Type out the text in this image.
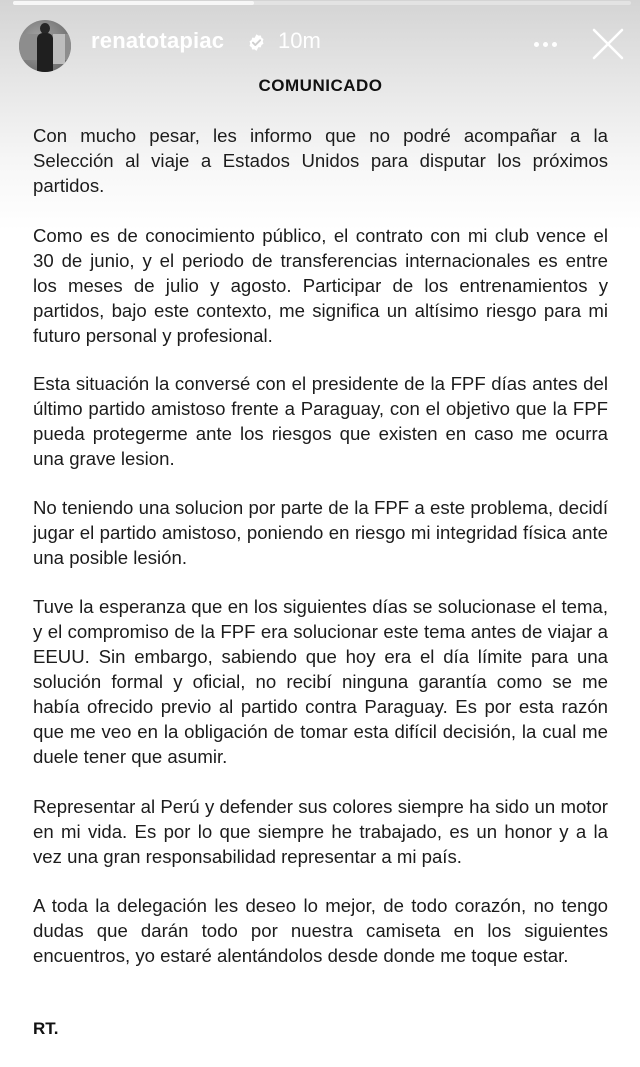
renatotapiac 10m
COMUNICADO

Con mucho pesar, les informo que no podré acompañar a la Selección al viaje a Estados Unidos para disputar los próximos partidos.

Como es de conocimiento público, el contrato con mi club vence el 30 de junio, y el periodo de transferencias internacionales es entre los meses de julio y agosto. Participar de los entrenamientos y partidos, bajo este contexto, me significa un altísimo riesgo para mi futuro personal y profesional.

Esta situación la conversé con el presidente de la FPF días antes del último partido amistoso frente a Paraguay, con el objetivo que la FPF pueda protegerme ante los riesgos que existen en caso me ocurra una grave lesion.

No teniendo una solucion por parte de la FPF a este problema, decidí jugar el partido amistoso, poniendo en riesgo mi integridad física ante una posible lesión.

Tuve la esperanza que en los siguientes días se solucionase el tema, y el compromiso de la FPF era solucionar este tema antes de viajar a EEUU. Sin embargo, sabiendo que hoy era el día límite para una solución formal y oficial, no recibí ninguna garantía como se me había ofrecido previo al partido contra Paraguay. Es por esta razón que me veo en la obligación de tomar esta difícil decisión, la cual me duele tener que asumir.

Representar al Perú y defender sus colores siempre ha sido un motor en mi vida. Es por lo que siempre he trabajado, es un honor y a la vez una gran responsabilidad representar a mi país.

A toda la delegación les deseo lo mejor, de todo corazón, no tengo dudas que darán todo por nuestra camiseta en los siguientes encuentros, yo estaré alentándolos desde donde me toque estar.

RT.
